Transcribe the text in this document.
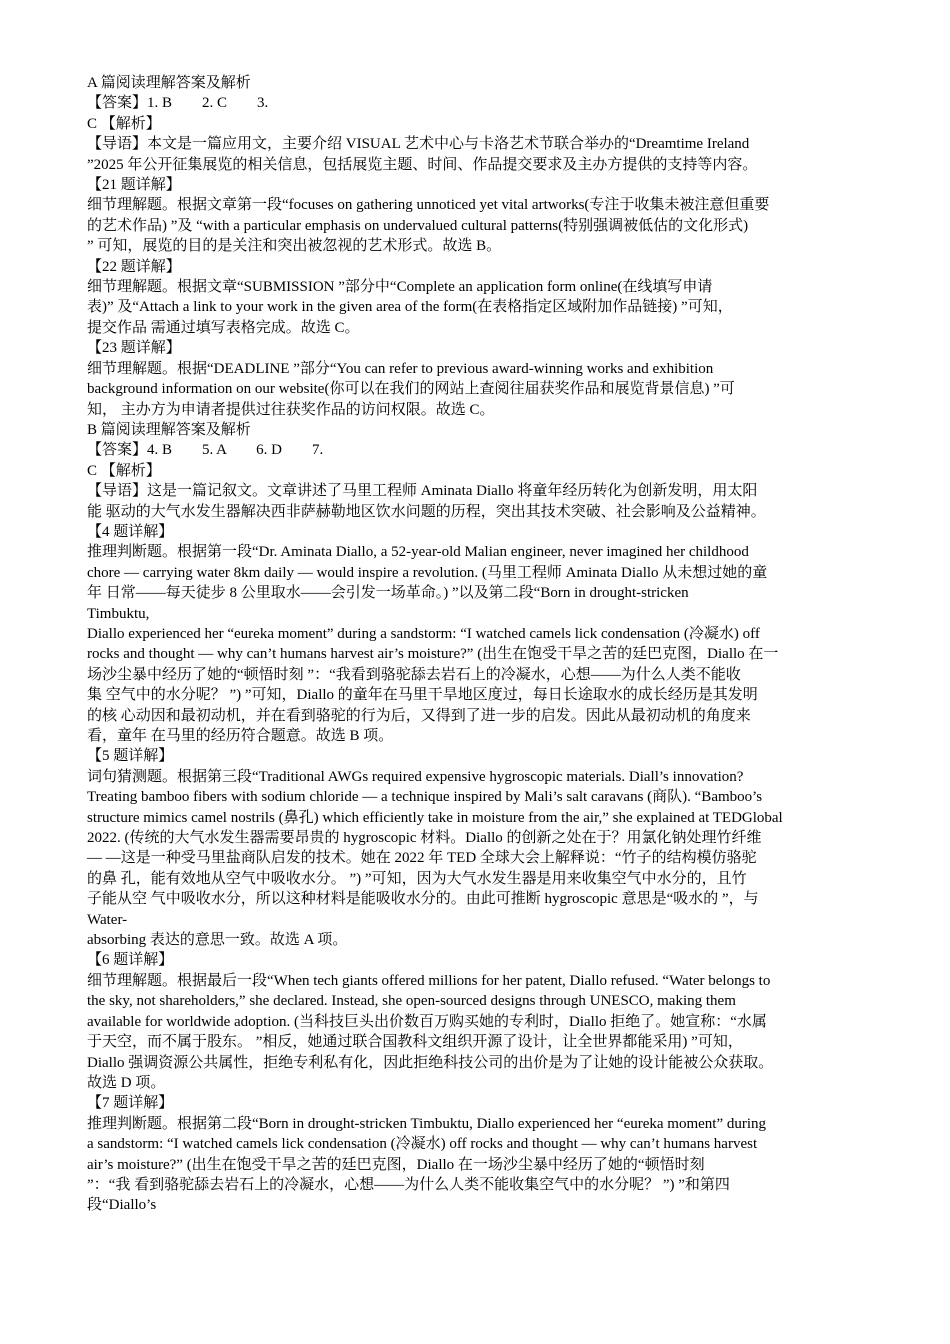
A 篇阅读理解答案及解析
【答案】1. B　　2. C　　3.
C 【解析】
【导语】本文是一篇应用文，主要介绍 VISUAL 艺术中心与卡洛艺术节联合举办的“Dreamtime Ireland
”2025 年公开征集展览的相关信息，包括展览主题、时间、作品提交要求及主办方提供的支持等内容。
【21 题详解】
细节理解题。根据文章第一段“focuses on gathering unnoticed yet vital artworks(专注于收集未被注意但重要
的艺术作品) ”及 “with a particular emphasis on undervalued cultural patterns(特别强调被低估的文化形式)
” 可知，展览的目的是关注和突出被忽视的艺术形式。故选 B。
【22 题详解】
细节理解题。根据文章“SUBMISSION ”部分中“Complete an application form online(在线填写申请
表)” 及“Attach a link to your work in the given area of the form(在表格指定区域附加作品链接) ”可知，
提交作品 需通过填写表格完成。故选 C。
【23 题详解】
细节理解题。根据“DEADLINE ”部分“You can refer to previous award-winning works and exhibition
background information on our website(你可以在我们的网站上查阅往届获奖作品和展览背景信息) ”可
知， 主办方为申请者提供过往获奖作品的访问权限。故选 C。
B 篇阅读理解答案及解析
【答案】4. B　　5. A　　6. D　　7.
C 【解析】
【导语】这是一篇记叙文。文章讲述了马里工程师 Aminata Diallo 将童年经历转化为创新发明，用太阳
能 驱动的大气水发生器解决西非萨赫勒地区饮水问题的历程，突出其技术突破、社会影响及公益精神。
【4 题详解】
推理判断题。根据第一段“Dr. Aminata Diallo, a 52-year-old Malian engineer, never imagined her childhood
chore — carrying water 8km daily — would inspire a revolution. (马里工程师 Aminata Diallo 从未想过她的童
年 日常——每天徒步 8 公里取水——会引发一场革命。) ”以及第二段“Born in drought-stricken
Timbuktu,
Diallo experienced her “eureka moment” during a sandstorm: “I watched camels lick condensation (冷凝水) off
rocks and thought — why can’t humans harvest air’s moisture?” (出生在饱受干旱之苦的廷巴克图，Diallo 在一
场沙尘暴中经历了她的“顿悟时刻 ”：“我看到骆驼舔去岩石上的冷凝水，心想——为什么人类不能收
集 空气中的水分呢？ ”) ”可知，Diallo 的童年在马里干旱地区度过，每日长途取水的成长经历是其发明
的核 心动因和最初动机，并在看到骆驼的行为后，又得到了进一步的启发。因此从最初动机的角度来
看，童年 在马里的经历符合题意。故选 B 项。
【5 题详解】
词句猜测题。根据第三段“Traditional AWGs required expensive hygroscopic materials. Diall’s innovation?
Treating bamboo fibers with sodium chloride — a technique inspired by Mali’s salt caravans (商队). “Bamboo’s
structure mimics camel nostrils (鼻孔) which efficiently take in moisture from the air,” she explained at TEDGlobal
2022. (传统的大气水发生器需要昂贵的 hygroscopic 材料。Diallo 的创新之处在于？用氯化钠处理竹纤维
— —这是一种受马里盐商队启发的技术。她在 2022 年 TED 全球大会上解释说：“竹子的结构模仿骆驼
的鼻 孔，能有效地从空气中吸收水分。 ”) ”可知，因为大气水发生器是用来收集空气中水分的，且竹
子能从空 气中吸收水分，所以这种材料是能吸收水分的。由此可推断 hygroscopic 意思是“吸水的 ”，与
Water-
absorbing 表达的意思一致。故选 A 项。
【6 题详解】
细节理解题。根据最后一段“When tech giants offered millions for her patent, Diallo refused. “Water belongs to
the sky, not shareholders,” she declared. Instead, she open-sourced designs through UNESCO, making them
available for worldwide adoption. (当科技巨头出价数百万购买她的专利时，Diallo 拒绝了。她宣称：“水属
于天空，而不属于股东。 ”相反，她通过联合国教科文组织开源了设计，让全世界都能采用) ”可知，
Diallo 强调资源公共属性，拒绝专利私有化，因此拒绝科技公司的出价是为了让她的设计能被公众获取。
故选 D 项。
【7 题详解】
推理判断题。根据第二段“Born in drought-stricken Timbuktu, Diallo experienced her “eureka moment” during
a sandstorm: “I watched camels lick condensation (冷凝水) off rocks and thought — why can’t humans harvest
air’s moisture?” (出生在饱受干旱之苦的廷巴克图，Diallo 在一场沙尘暴中经历了她的“顿悟时刻
”：“我 看到骆驼舔去岩石上的冷凝水，心想——为什么人类不能收集空气中的水分呢？ ”) ”和第四
段“Diallo’s
